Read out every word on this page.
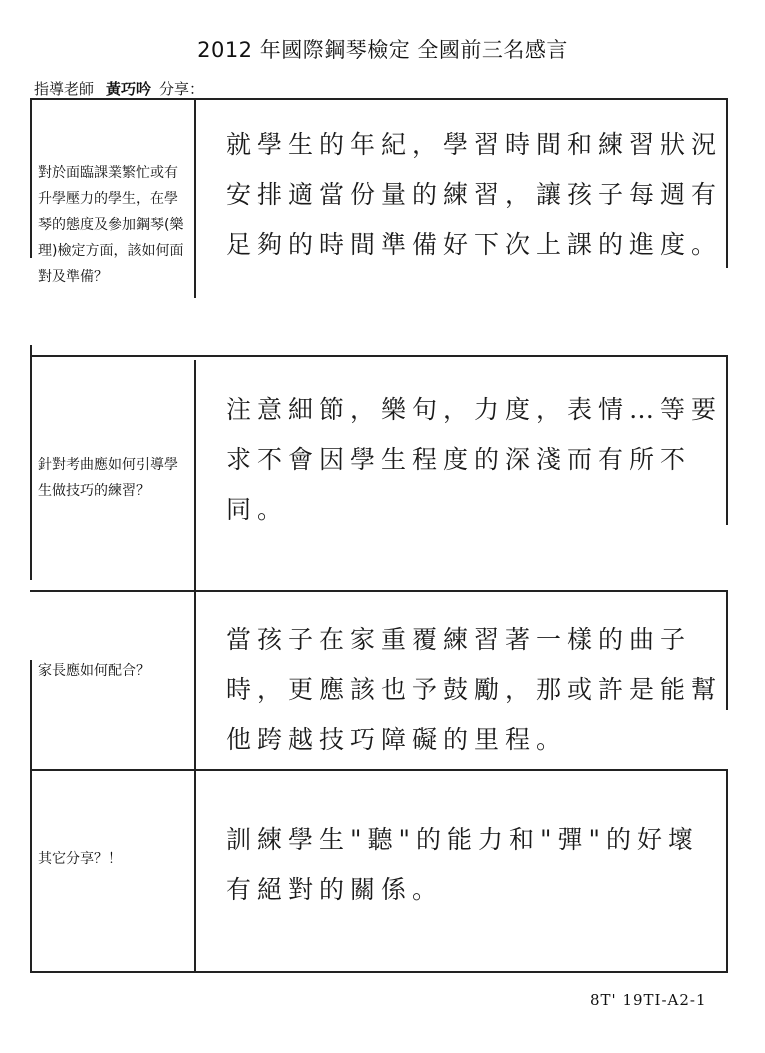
2012 年國際鋼琴檢定 全國前三名感言
指導老師 黃巧吟 分享：
對於面臨課業繁忙或有升學壓力的學生，在學琴的態度及參加鋼琴(樂理)檢定方面，該如何面對及準備？
就學生的年紀，學習時間和練習狀況安排適當份量的練習，讓孩子每週有足夠的時間準備好下次上課的進度。
針對考曲應如何引導學生做技巧的練習？
注意細節，樂句，力度，表情…等要求不會因學生程度的深淺而有所不同。
家長應如何配合？
當孩子在家重覆練習著一樣的曲子時，更應該也予鼓勵，那或許是能幫他跨越技巧障礙的里程。
其它分享？！
訓練學生"聽"的能力和"彈"的好壞有絕對的關係。
8T' 19TI-A2-1
